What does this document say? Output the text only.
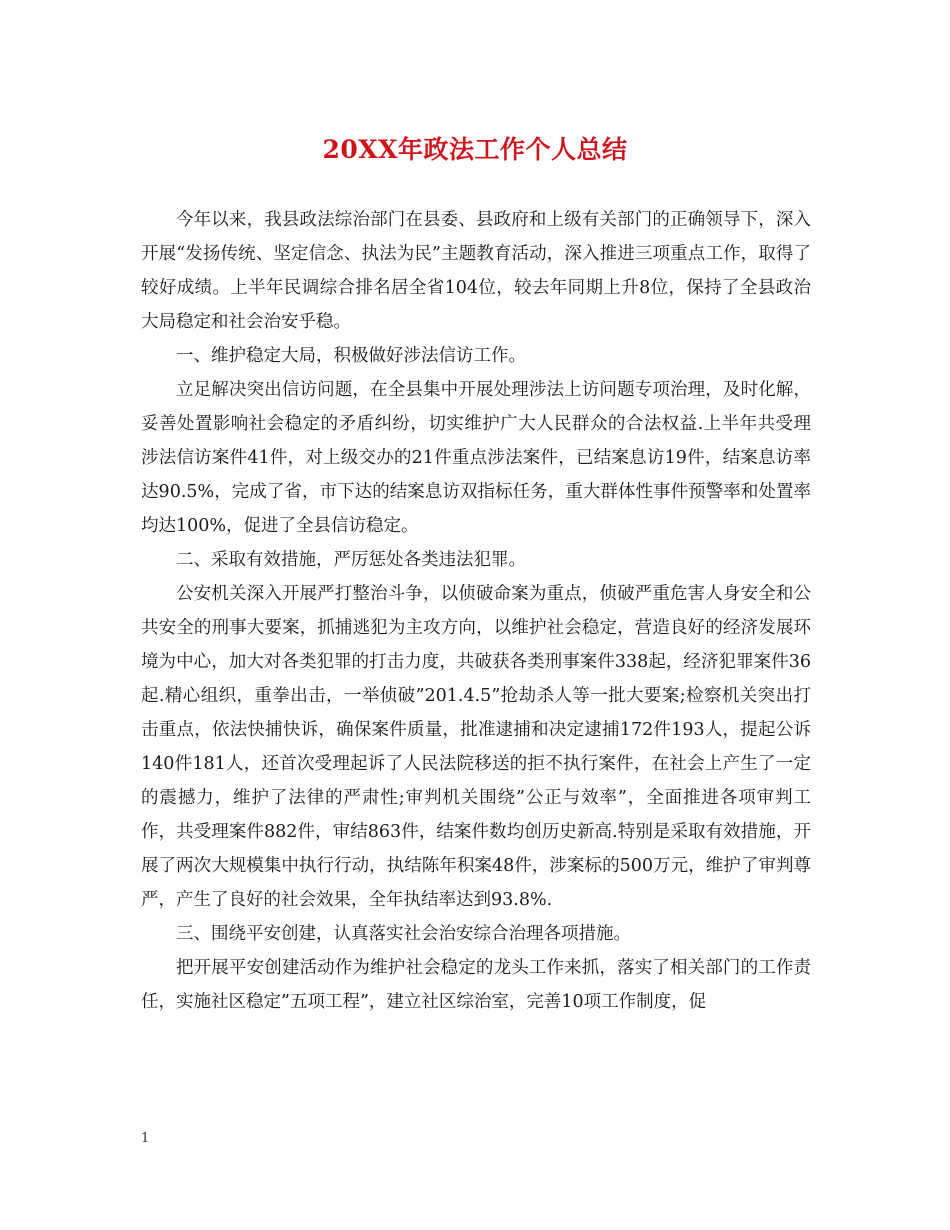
20XX年政法工作个人总结

今年以来，我县政法综治部门在县委、县政府和上级有关部门的正确领导下，深入开展“发扬传统、坚定信念、执法为民”主题教育活动，深入推进三项重点工作，取得了较好成绩。上半年民调综合排名居全省104位，较去年同期上升8位，保持了全县政治大局稳定和社会治安乎稳。

一、维护稳定大局，积极做好涉法信访工作。

立足解决突出信访问题，在全县集中开展处理涉法上访问题专项治理，及时化解，妥善处置影响社会稳定的矛盾纠纷，切实维护广大人民群众的合法权益.上半年共受理涉法信访案件41件，对上级交办的21件重点涉法案件，已结案息访19件，结案息访率达90.5%，完成了省，市下达的结案息访双指标任务，重大群体性事件预警率和处置率均达100%，促进了全县信访稳定。

二、采取有效措施，严厉惩处各类违法犯罪。

公安机关深入开展严打整治斗争，以侦破命案为重点，侦破严重危害人身安全和公共安全的刑事大要案，抓捕逃犯为主攻方向，以维护社会稳定，营造良好的经济发展环境为中心，加大对各类犯罪的打击力度，共破获各类刑事案件338起，经济犯罪案件36起.精心组织，重拳出击，一举侦破”201.4.5”抢劫杀人等一批大要案;检察机关突出打击重点，依法快捕快诉，确保案件质量，批准逮捕和决定逮捕172件193人，提起公诉140件181人，还首次受理起诉了人民法院移送的拒不执行案件，在社会上产生了一定的震撼力，维护了法律的严肃性;审判机关围绕”公正与效率”，全面推进各项审判工作，共受理案件882件，审结863件，结案件数均创历史新高.特别是采取有效措施，开展了两次大规模集中执行行动，执结陈年积案48件，涉案标的500万元，维护了审判尊严，产生了良好的社会效果，全年执结率达到93.8%.

三、围绕平安创建，认真落实社会治安综合治理各项措施。

把开展平安创建活动作为维护社会稳定的龙头工作来抓，落实了相关部门的工作责任，实施社区稳定”五项工程”，建立社区综治室，完善10项工作制度，促

1
